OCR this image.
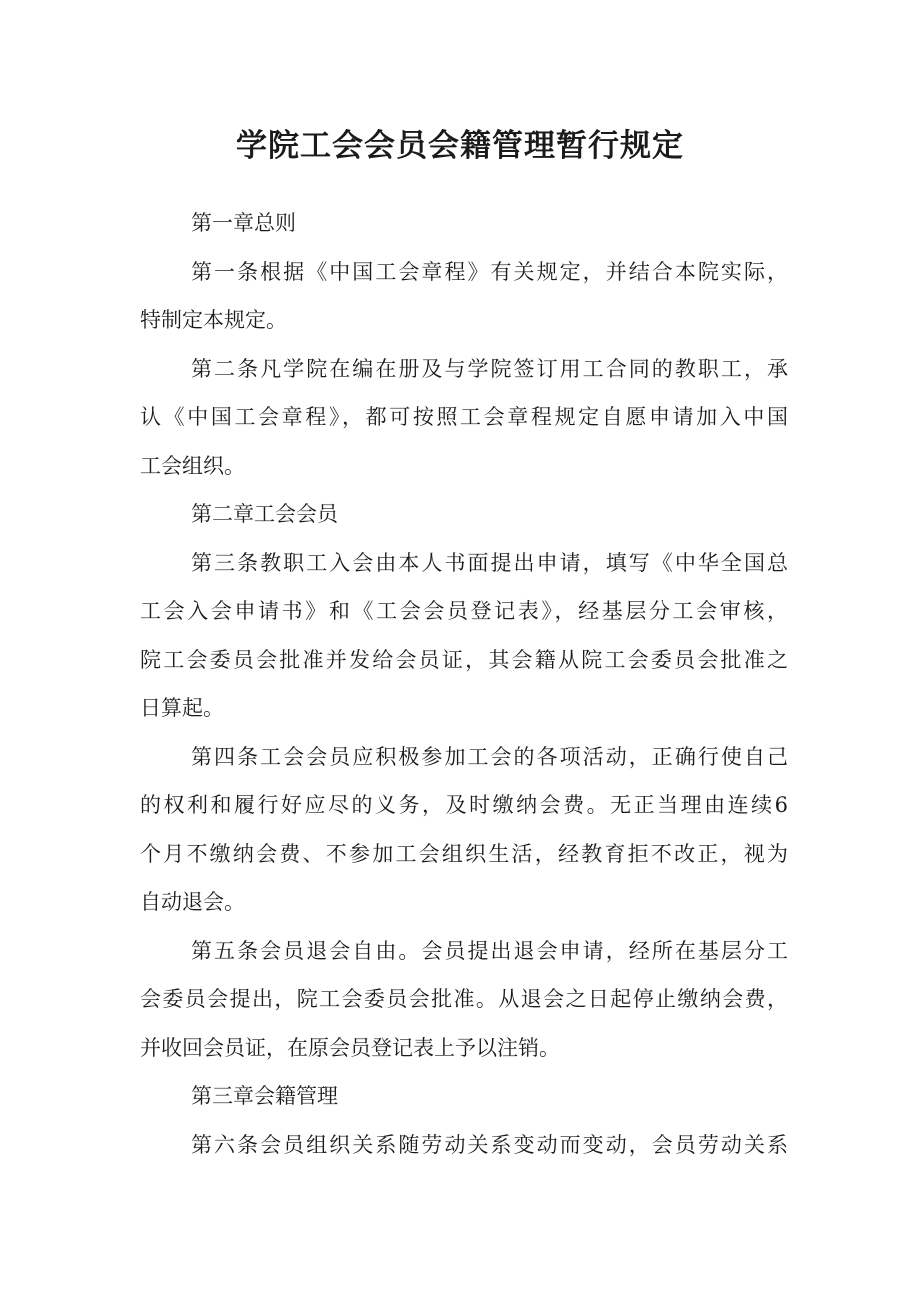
学院工会会员会籍管理暂行规定
第一章总则
第一条根据《中国工会章程》有关规定，并结合本院实际，
特制定本规定。
第二条凡学院在编在册及与学院签订用工合同的教职工，承
认《中国工会章程》，都可按照工会章程规定自愿申请加入中国
工会组织。
第二章工会会员
第三条教职工入会由本人书面提出申请，填写《中华全国总
工会入会申请书》和《工会会员登记表》，经基层分工会审核，
院工会委员会批准并发给会员证，其会籍从院工会委员会批准之
日算起。
第四条工会会员应积极参加工会的各项活动，正确行使自己
的权利和履行好应尽的义务，及时缴纳会费。无正当理由连续6
个月不缴纳会费、不参加工会组织生活，经教育拒不改正，视为
自动退会。
第五条会员退会自由。会员提出退会申请，经所在基层分工
会委员会提出，院工会委员会批准。从退会之日起停止缴纳会费，
并收回会员证，在原会员登记表上予以注销。
第三章会籍管理
第六条会员组织关系随劳动关系变动而变动，会员劳动关系
